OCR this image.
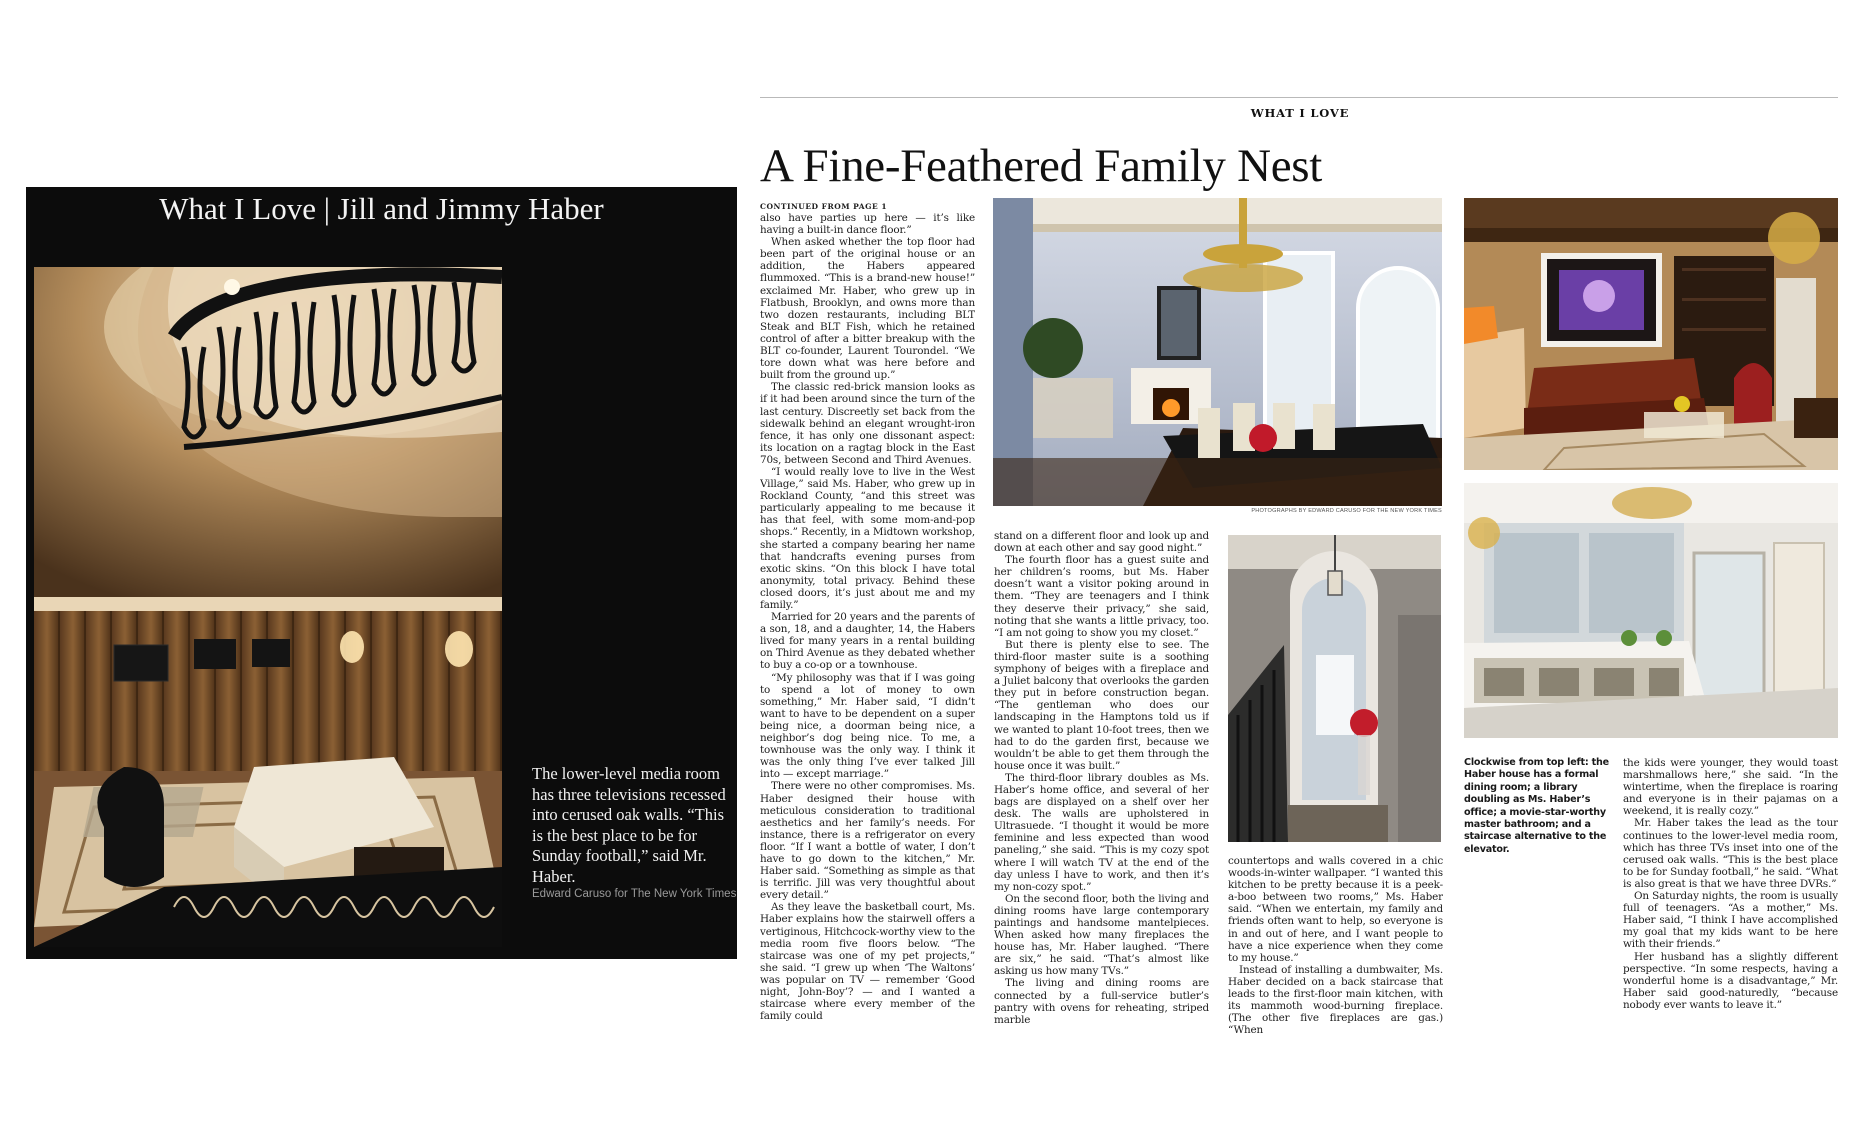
What I Love | Jill and Jimmy Haber
The lower-level media room has three televisions recessed into cerused oak walls. “This is the best place to be for Sunday football,” said Mr. Haber.
Edward Caruso for The New York Times
WHAT I LOVE
A Fine-Feathered Family Nest
CONTINUED FROM PAGE 1

also have parties up here — it’s like having a built-in dance floor.”

When asked whether the top floor had been part of the original house or an addition, the Habers appeared flummoxed. “This is a brand-new house!” exclaimed Mr. Haber, who grew up in Flatbush, Brooklyn, and owns more than two dozen restaurants, including BLT Steak and BLT Fish, which he retained control of after a bitter breakup with the BLT co-founder, Laurent Tourondel. “We tore down what was here before and built from the ground up.”

The classic red-brick mansion looks as if it had been around since the turn of the last century. Discreetly set back from the sidewalk behind an elegant wrought-iron fence, it has only one dissonant aspect: its location on a ragtag block in the East 70s, between Second and Third Avenues.

“I would really love to live in the West Village,” said Ms. Haber, who grew up in Rockland County, “and this street was particularly appealing to me because it has that feel, with some mom-and-pop shops.” Recently, in a Midtown workshop, she started a company bearing her name that handcrafts evening purses from exotic skins. “On this block I have total anonymity, total privacy. Behind these closed doors, it’s just about me and my family.”

Married for 20 years and the parents of a son, 18, and a daughter, 14, the Habers lived for many years in a rental building on Third Avenue as they debated whether to buy a co-op or a townhouse.

“My philosophy was that if I was going to spend a lot of money to own something,” Mr. Haber said, “I didn’t want to have to be dependent on a super being nice, a doorman being nice, a neighbor’s dog being nice. To me, a townhouse was the only way. I think it was the only thing I’ve ever talked Jill into — except marriage.”

There were no other compromises. Ms. Haber designed their house with meticulous consideration to traditional aesthetics and her family’s needs. For instance, there is a refrigerator on every floor. “If I want a bottle of water, I don’t have to go down to the kitchen,” Mr. Haber said. “Something as simple as that is terrific. Jill was very thoughtful about every detail.”

As they leave the basketball court, Ms. Haber explains how the stairwell offers a vertiginous, Hitchcock-worthy view to the media room five floors below. “The staircase was one of my pet projects,” she said. “I grew up when ‘The Waltons’ was popular on TV — remember ‘Good night, John-Boy’? — and I wanted a staircase where every member of the family could

PHOTOGRAPHS BY EDWARD CARUSO FOR THE NEW YORK TIMES

stand on a different floor and look up and down at each other and say good night.”

The fourth floor has a guest suite and her children’s rooms, but Ms. Haber doesn’t want a visitor poking around in them. “They are teenagers and I think they deserve their privacy,” she said, noting that she wants a little privacy, too. “I am not going to show you my closet.”

But there is plenty else to see. The third-floor master suite is a soothing symphony of beiges with a fireplace and a Juliet balcony that overlooks the garden they put in before construction began. “The gentleman who does our landscaping in the Hamptons told us if we wanted to plant 10-foot trees, then we had to do the garden first, because we wouldn’t be able to get them through the house once it was built.”

The third-floor library doubles as Ms. Haber’s home office, and several of her bags are displayed on a shelf over her desk. The walls are upholstered in Ultrasuede. “I thought it would be more feminine and less expected than wood paneling,” she said. “This is my cozy spot where I will watch TV at the end of the day unless I have to work, and then it’s my non-cozy spot.”

On the second floor, both the living and dining rooms have large contemporary paintings and handsome mantelpieces. When asked how many fireplaces the house has, Mr. Haber laughed. “There are six,” he said. “That’s almost like asking us how many TVs.”

The living and dining rooms are connected by a full-service butler’s pantry with ovens for reheating, striped marble

countertops and walls covered in a chic woods-in-winter wallpaper. “I wanted this kitchen to be pretty because it is a peek-a-boo between two rooms,” Ms. Haber said. “When we entertain, my family and friends often want to help, so everyone is in and out of here, and I want people to have a nice experience when they come to my house.”

Instead of installing a dumbwaiter, Ms. Haber decided on a back staircase that leads to the first-floor main kitchen, with its mammoth wood-burning fireplace. (The other five fireplaces are gas.) “When

Clockwise from top left: the Haber house has a formal dining room; a library doubling as Ms. Haber’s office; a movie-star-worthy master bathroom; and a staircase alternative to the elevator.

the kids were younger, they would toast marshmallows here,” she said. “In the wintertime, when the fireplace is roaring and everyone is in their pajamas on a weekend, it is really cozy.”

Mr. Haber takes the lead as the tour continues to the lower-level media room, which has three TVs inset into one of the cerused oak walls. “This is the best place to be for Sunday football,” he said. “What is also great is that we have three DVRs.”

On Saturday nights, the room is usually full of teenagers. “As a mother,” Ms. Haber said, “I think I have accomplished my goal that my kids want to be here with their friends.”

Her husband has a slightly different perspective. “In some respects, having a wonderful home is a disadvantage,” Mr. Haber said good-naturedly, “because nobody ever wants to leave it.”
